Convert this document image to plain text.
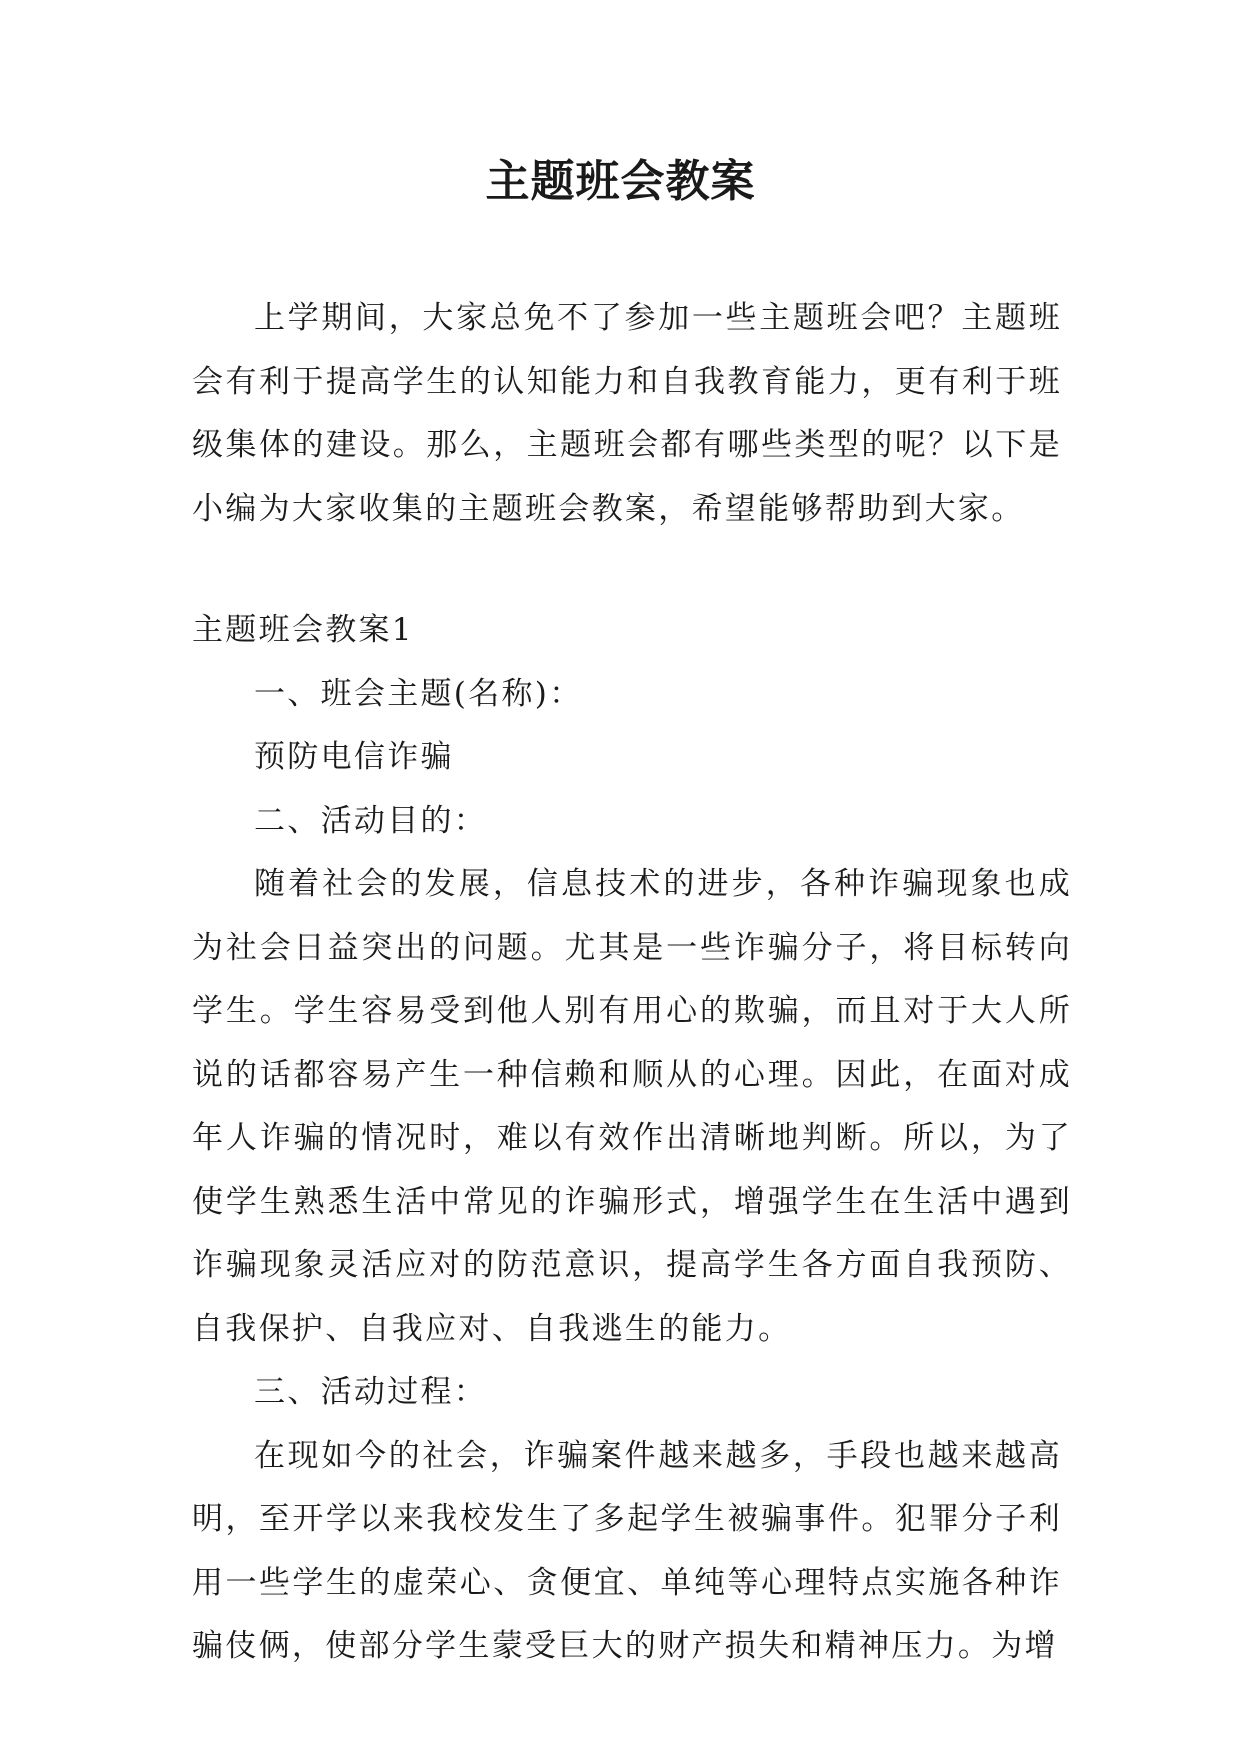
主题班会教案

上学期间，大家总免不了参加一些主题班会吧？主题班会有利于提高学生的认知能力和自我教育能力，更有利于班级集体的建设。那么，主题班会都有哪些类型的呢？以下是小编为大家收集的主题班会教案，希望能够帮助到大家。

主题班会教案1

一、班会主题(名称)：

预防电信诈骗

二、活动目的：

随着社会的发展，信息技术的进步，各种诈骗现象也成为社会日益突出的问题。尤其是一些诈骗分子，将目标转向学生。学生容易受到他人别有用心的欺骗，而且对于大人所说的话都容易产生一种信赖和顺从的心理。因此，在面对成年人诈骗的情况时，难以有效作出清晰地判断。所以，为了使学生熟悉生活中常见的诈骗形式，增强学生在生活中遇到诈骗现象灵活应对的防范意识，提高学生各方面自我预防、自我保护、自我应对、自我逃生的能力。

三、活动过程：

在现如今的社会，诈骗案件越来越多，手段也越来越高明，至开学以来我校发生了多起学生被骗事件。犯罪分子利用一些学生的虚荣心、贪便宜、单纯等心理特点实施各种诈骗伎俩，使部分学生蒙受巨大的财产损失和精神压力。为增
